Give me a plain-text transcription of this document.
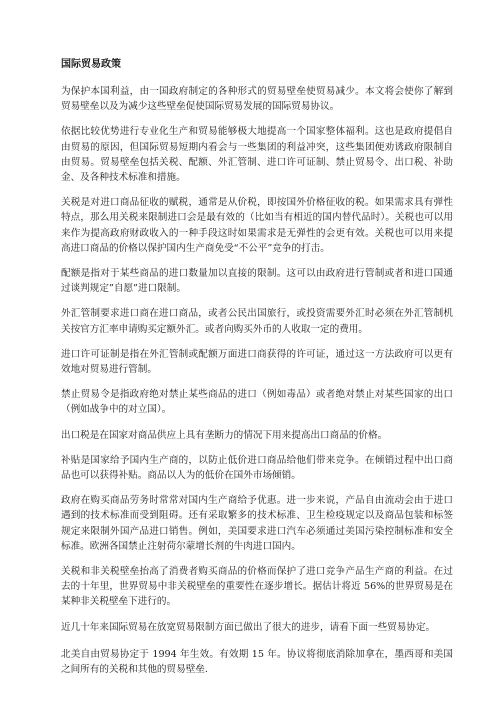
国际贸易政策

为保护本国利益，由一国政府制定的各种形式的贸易壁垒使贸易减少。本文将会使你了解到贸易壁垒以及为减少这些壁垒促使国际贸易发展的国际贸易协议。

依据比较优势进行专业化生产和贸易能够极大地提高一个国家整体福利。这也是政府提倡自由贸易的原因，但国际贸易短期内看会与一些集团的利益冲突，这些集团便劝诱政府限制自由贸易。贸易壁垒包括关税、配额、外汇管制、进口许可证制、禁止贸易令、出口税、补助金、及各种技术标准和措施。

关税是对进口商品征收的赋税，通常是从价税，即按国外价格征收的税。如果需求具有弹性特点，那么用关税来限制进口会是最有效的（比如当有相近的国内替代品时）。关税也可以用来作为提高政府财政收入的一种手段这时如果需求是无弹性的会更有效。关税也可以用来提高进口商品的价格以保护国内生产商免受“不公平”竞争的打击。

配额是指对于某些商品的进口数量加以直接的限制。这可以由政府进行管制或者和进口国通过谈判规定”自愿”进口限制。

外汇管制要求进口商在进口商品，或者公民出国旅行，或投资需要外汇时必须在外汇管制机关按官方汇率申请购买定额外汇。或者向购买外币的人收取一定的费用。

进口许可证制是指在外汇管制或配额万面进口商获得的许可证，通过这一方法政府可以更有效地对贸易进行管制。

禁止贸易令是指政府绝对禁止某些商品的进口（例如毒品）或者绝对禁止对某些国家的出口（例如战争中的对立国）。

出口税是在国家对商品供应上具有垄断力的情况下用来提高出口商品的价格。

补贴是国家给予国内生产商的，以防止低价进口商品给他们带来竞争。在倾销过程中出口商品也可以获得补贴。商品以人为的低价在国外市场倾销。

政府在购买商品劳务时常常对国内生产商给予优惠。进一步来说，产品自由流动会由于进口遇到的技术标准而受到阻碍。还有采取繁多的技术标准、卫生检疫规定以及商品包装和标签规定来限制外国产品进口销售。例如，美国要求进口汽车必须通过美国污染控制标准和安全标准。欧洲各国禁止注射荷尔蒙增长剂的牛肉进口国内。

关税和非关税壁垒抬高了消费者购买商品的价格而保护了进口竞争产品生产商的利益。在过去的十年里，世界贸易中非关税壁垒的重要性在逐步增长。据估计将近 56%的世界贸易是在某种非关税壁垒下进行的。

近几十年来国际贸易在放宽贸易限制方面已做出了很大的进步，请看下面一些贸易协定。

北美自由贸易协定于 1994 年生效。有效期 15 年。协议将彻底消除加拿在，墨西哥和美国之间所有的关税和其他的贸易壁垒.
